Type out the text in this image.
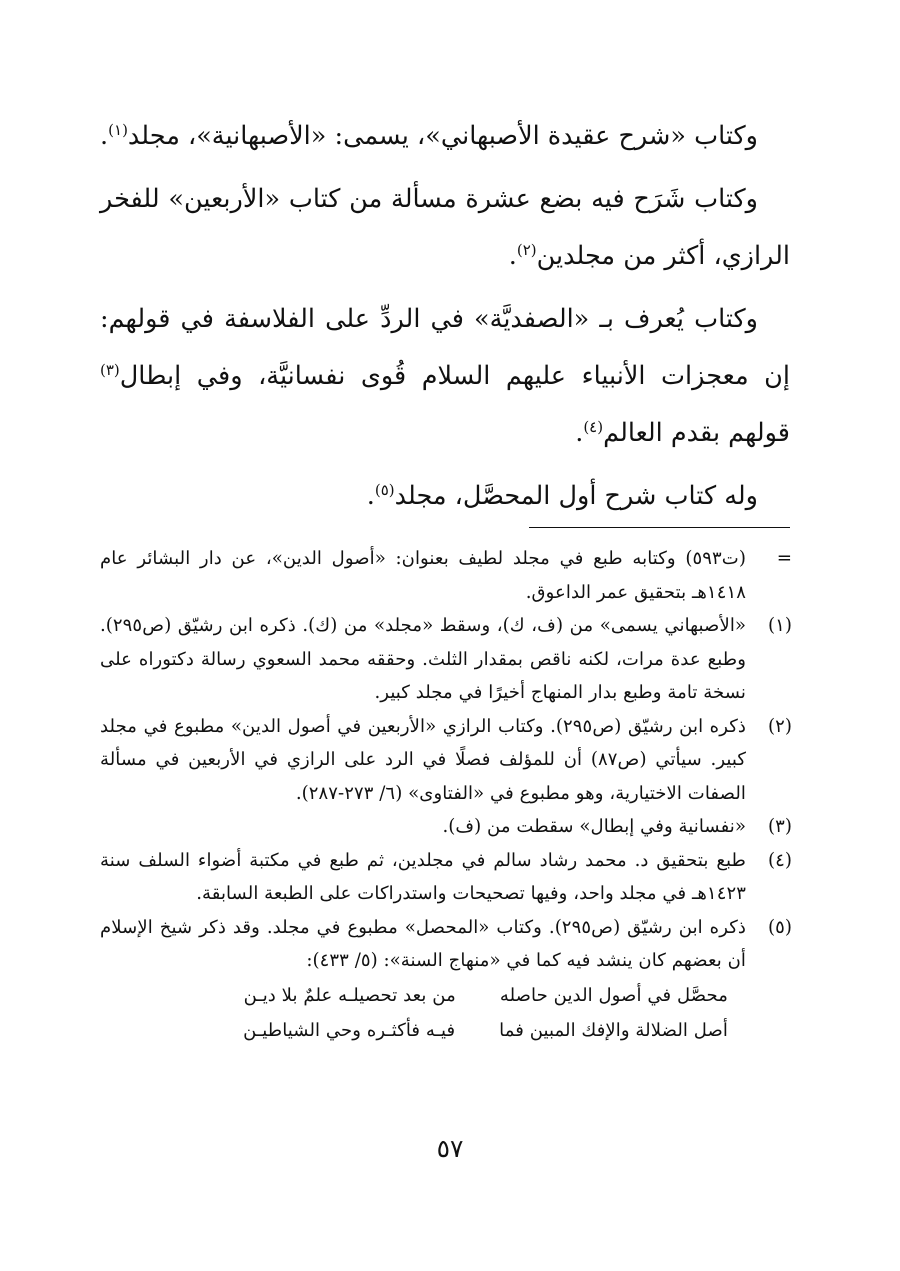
وكتاب «شرح عقيدة الأصبهاني»، يسمى: «الأصبهانية»، مجلد$^{(١)}$.

وكتاب شَرَح فيه بضع عشرة مسألة من كتاب «الأربعين» للفخر الرازي، أكثر من مجلدين$^{(٢)}$.

وكتاب يُعرف بـ «الصفديَّة» في الردِّ على الفلاسفة في قولهم: إن معجزات الأنبياء عليهم السلام قُوى نفسانيَّة، وفي إبطال$^{(٣)}$ قولهم بقدم العالم$^{(٤)}$.

وله كتاب شرح أول المحصَّل، مجلد$^{(٥)}$.

=
(ت٥٩٣) وكتابه طبع في مجلد لطيف بعنوان: «أصول الدين»، عن دار البشائر عام ١٤١٨هـ بتحقيق عمر الداعوق.
(١)
«الأصبهاني يسمى» من (ف، ك)، وسقط «مجلد» من (ك). ذكره ابن رشيّق (ص٢٩٥). وطبع عدة مرات، لكنه ناقص بمقدار الثلث. وحققه محمد السعوي رسالة دكتوراه على نسخة تامة وطبع بدار المنهاج أخيرًا في مجلد كبير.
(٢)
ذكره ابن رشيّق (ص٢٩٥). وكتاب الرازي «الأربعين في أصول الدين» مطبوع في مجلد كبير. سيأتي (ص٨٧) أن للمؤلف فصلًا في الرد على الرازي في الأربعين في مسألة الصفات الاختيارية، وهو مطبوع في «الفتاوى» (٦/ ٢٧٣-٢٨٧).
(٣)
«نفسانية وفي إبطال» سقطت من (ف).
(٤)
طبع بتحقيق د. محمد رشاد سالم في مجلدين، ثم طبع في مكتبة أضواء السلف سنة ١٤٢٣هـ في مجلد واحد، وفيها تصحيحات واستدراكات على الطبعة السابقة.
(٥)
ذكره ابن رشيّق (ص٢٩٥). وكتاب «المحصل» مطبوع في مجلد. وقد ذكر شيخ الإسلام أن بعضهم كان ينشد فيه كما في «منهاج السنة»: (٥/ ٤٣٣):
محصَّل في أصول الدين حاصله
من بعد تحصيلـه علمٌ بلا ديـن
أصل الضلالة والإفك المبين فما
فيـه فأكثـره وحي الشياطيـن
٥٧
